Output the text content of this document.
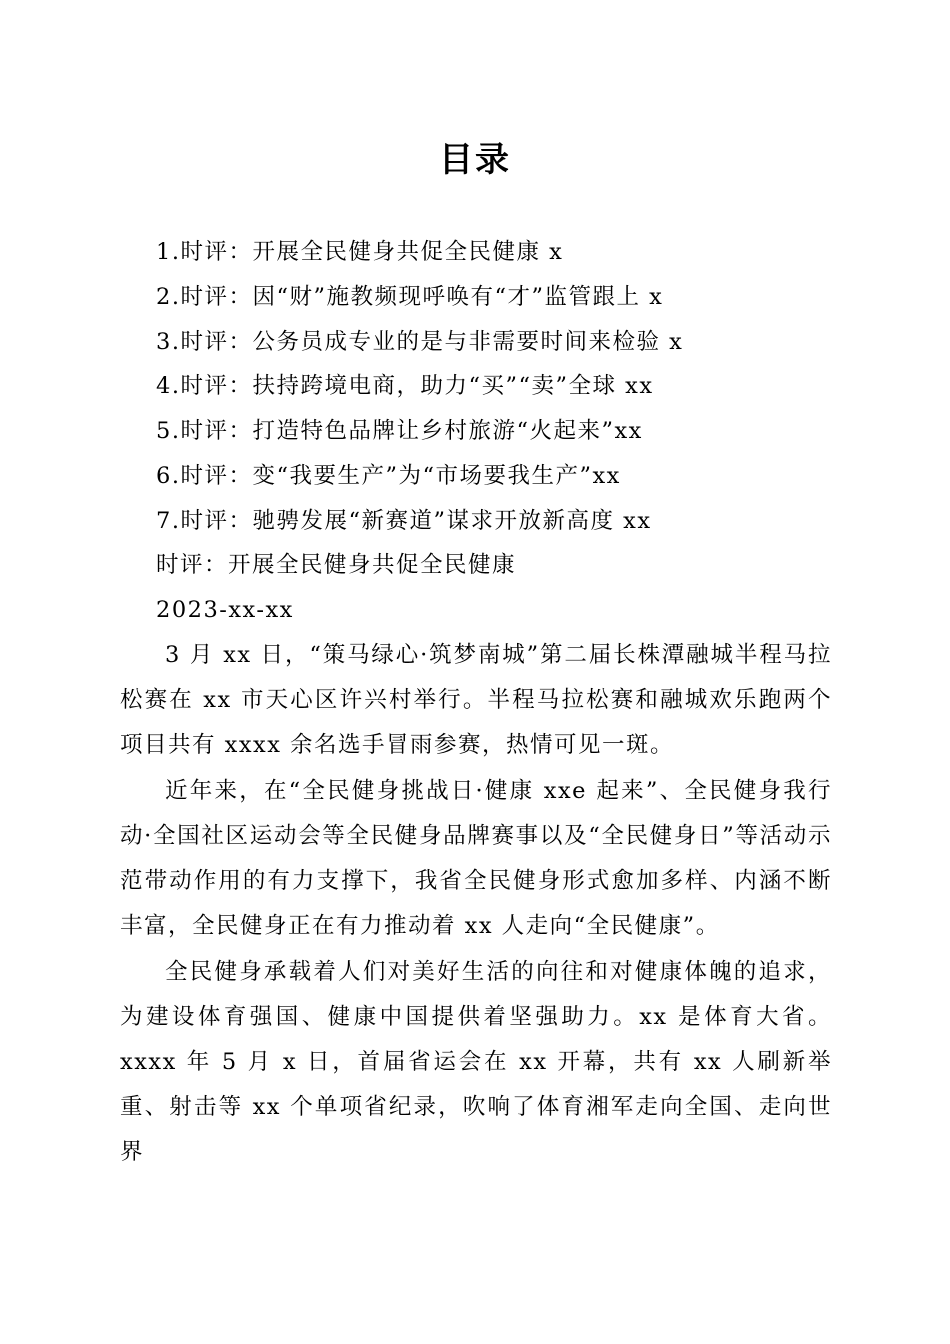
目录
1.时评：开展全民健身共促全民健康 x
2.时评：因“财”施教频现呼唤有“才”监管跟上 x
3.时评：公务员成专业的是与非需要时间来检验 x
4.时评：扶持跨境电商，助力“买”“卖”全球 xx
5.时评：打造特色品牌让乡村旅游“火起来”xx
6.时评：变“我要生产”为“市场要我生产”xx
7.时评：驰骋发展“新赛道”谋求开放新高度 xx
时评：开展全民健身共促全民健康
2023-xx-xx

3 月 xx 日，“策马绿心·筑梦南城”第二届长株潭融城半程马拉松赛在 xx 市天心区许兴村举行。半程马拉松赛和融城欢乐跑两个项目共有 xxxx 余名选手冒雨参赛，热情可见一斑。

近年来，在“全民健身挑战日·健康 xxe 起来”、全民健身我行动·全国社区运动会等全民健身品牌赛事以及“全民健身日”等活动示范带动作用的有力支撑下，我省全民健身形式愈加多样、内涵不断丰富，全民健身正在有力推动着 xx 人走向“全民健康”。

全民健身承载着人们对美好生活的向往和对健康体魄的追求，为建设体育强国、健康中国提供着坚强助力。xx 是体育大省。xxxx 年 5 月 x 日，首届省运会在 xx 开幕，共有 xx 人刷新举重、射击等 xx 个单项省纪录，吹响了体育湘军走向全国、走向世界
